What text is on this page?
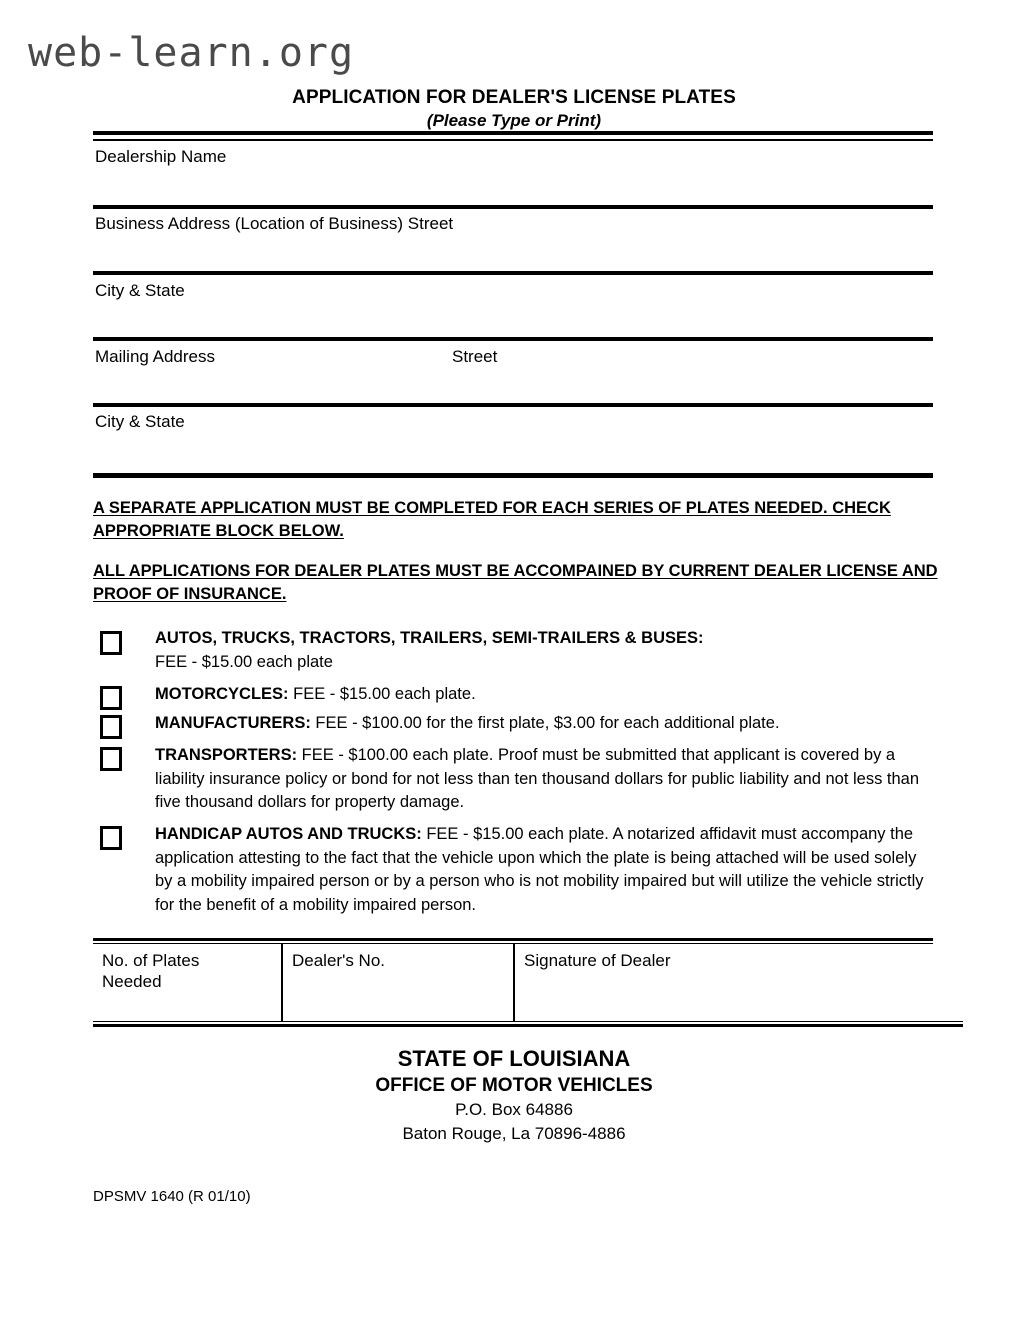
web-learn.org
APPLICATION FOR DEALER'S LICENSE PLATES
(Please Type or Print)
Dealership Name
Business Address (Location of Business) Street
City & State
Mailing Address	Street
City & State
A SEPARATE APPLICATION MUST BE COMPLETED FOR EACH SERIES OF PLATES NEEDED. CHECK APPROPRIATE BLOCK BELOW.
ALL APPLICATIONS FOR DEALER PLATES MUST BE ACCOMPAINED BY CURRENT DEALER LICENSE AND PROOF OF INSURANCE.
AUTOS, TRUCKS, TRACTORS, TRAILERS, SEMI-TRAILERS & BUSES:
FEE - $15.00 each plate
MOTORCYCLES: FEE - $15.00 each plate.
MANUFACTURERS: FEE - $100.00 for the first plate, $3.00 for each additional plate.
TRANSPORTERS: FEE - $100.00 each plate. Proof must be submitted that applicant is covered by a liability insurance policy or bond for not less than ten thousand dollars for public liability and not less than five thousand dollars for property damage.
HANDICAP AUTOS AND TRUCKS: FEE - $15.00 each plate. A notarized affidavit must accompany the application attesting to the fact that the vehicle upon which the plate is being attached will be used solely by a mobility impaired person or by a person who is not mobility impaired but will utilize the vehicle strictly for the benefit of a mobility impaired person.
No. of Plates
Needed
Dealer's No.	Signature of Dealer
STATE OF LOUISIANA
OFFICE OF MOTOR VEHICLES
P.O. Box 64886
Baton Rouge, La 70896-4886
DPSMV 1640 (R 01/10)
